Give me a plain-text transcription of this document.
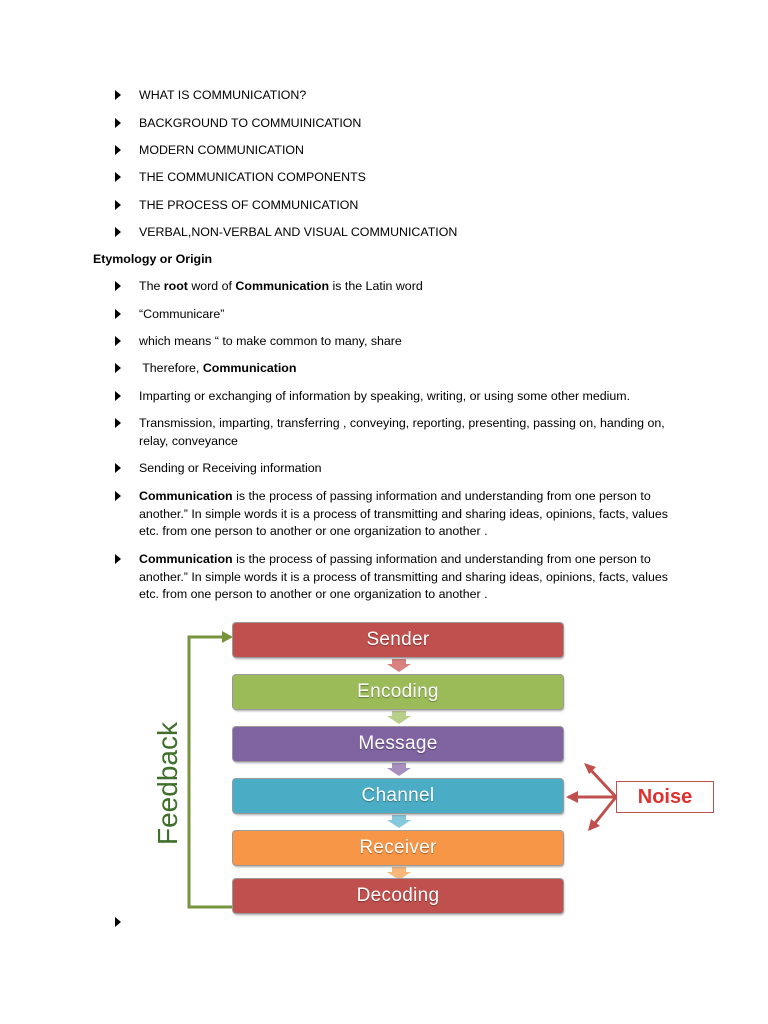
WHAT IS COMMUNICATION?
BACKGROUND TO COMMUINICATION
MODERN COMMUNICATION
THE COMMUNICATION COMPONENTS
THE PROCESS OF COMMUNICATION
VERBAL,NON-VERBAL AND VISUAL COMMUNICATION
Etymology or Origin
The root word of Communication is the Latin word
“Communicare”
which means “ to make common to many, share
Therefore, Communication
Imparting or exchanging of information by speaking, writing, or using some other medium.
Transmission, imparting, transferring , conveying, reporting, presenting, passing on, handing on, relay, conveyance
Sending or Receiving information
Communication is the process of passing information and understanding from one person to another.” In simple words it is a process of transmitting and sharing ideas, opinions, facts, values etc. from one person to another or one organization to another .
Communication is the process of passing information and understanding from one person to another.” In simple words it is a process of transmitting and sharing ideas, opinions, facts, values etc. from one person to another or one organization to another .
Sender
Encoding
Message
Channel
Receiver
Decoding
Noise
Feedback
